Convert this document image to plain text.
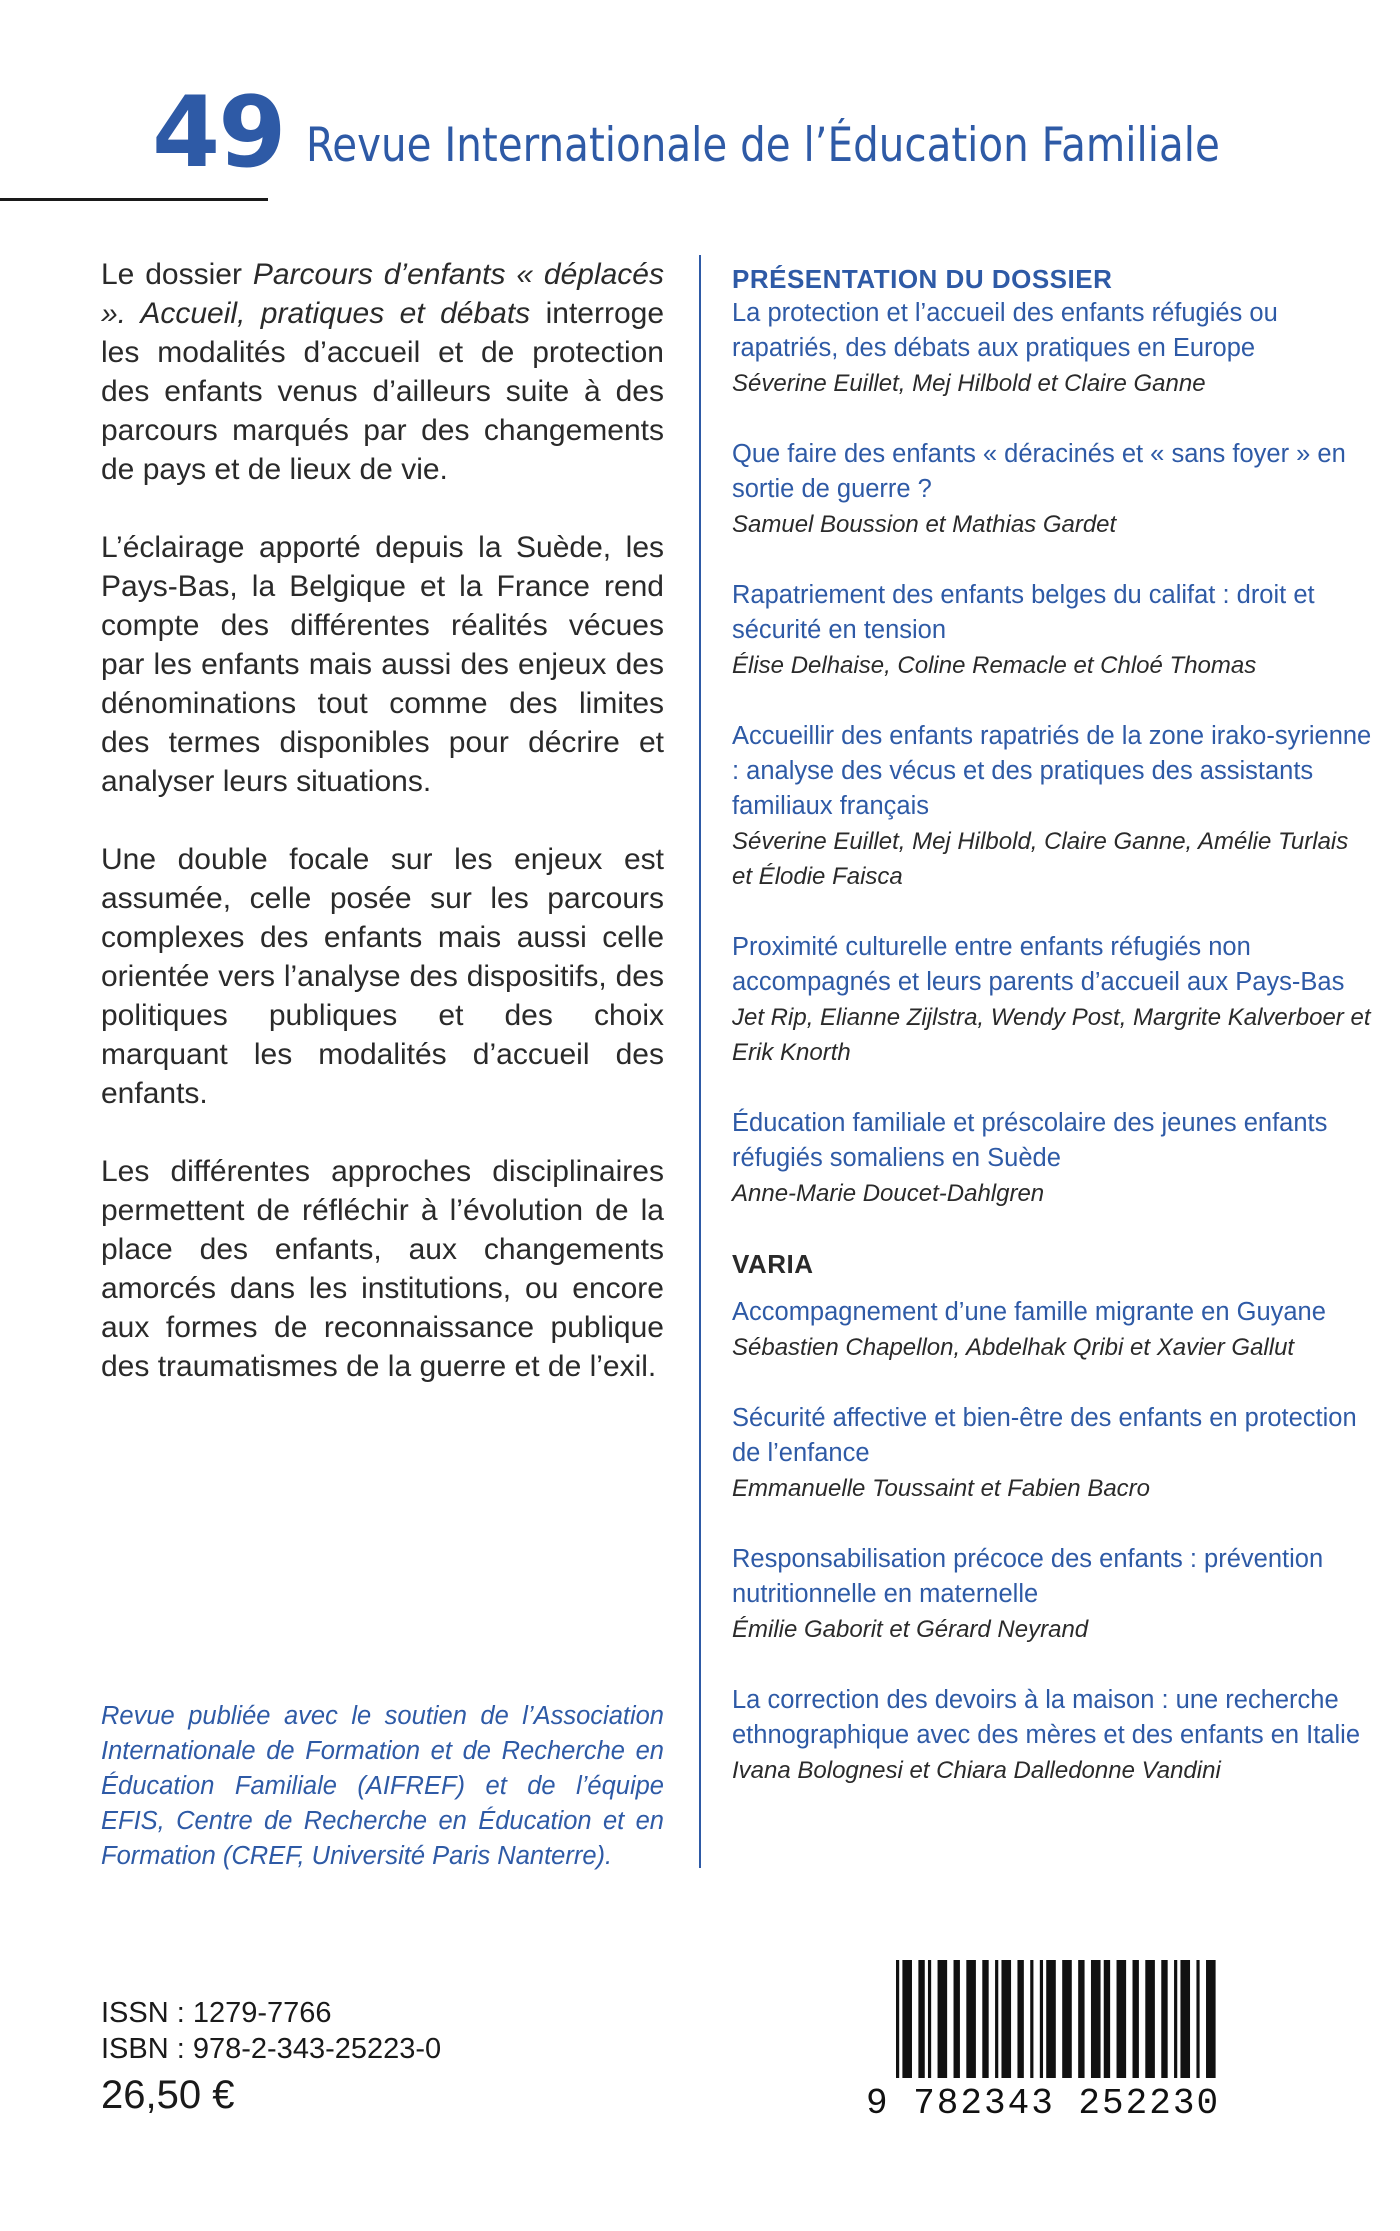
49 Revue Internationale de l’Éducation Familiale

Le dossier Parcours d’enfants « déplacés ». Accueil, pratiques et débats interroge les modalités d’accueil et de protection des enfants venus d’ailleurs suite à des parcours marqués par des changements de pays et de lieux de vie.

L’éclairage apporté depuis la Suède, les Pays-Bas, la Belgique et la France rend compte des différentes réalités vécues par les enfants mais aussi des enjeux des dénominations tout comme des limites des termes disponibles pour décrire et analyser leurs situations.

Une double focale sur les enjeux est assumée, celle posée sur les parcours complexes des enfants mais aussi celle orientée vers l’analyse des dispositifs, des politiques publiques et des choix marquant les modalités d’accueil des enfants.

Les différentes approches disciplinaires permettent de réfléchir à l’évolution de la place des enfants, aux changements amorcés dans les institutions, ou encore aux formes de reconnaissance publique des traumatismes de la guerre et de l’exil.

Revue publiée avec le soutien de l’Association Internationale de Formation et de Recherche en Éducation Familiale (AIFREF) et de l’équipe EFIS, Centre de Recherche en Éducation et en Formation (CREF, Université Paris Nanterre).
PRÉSENTATION DU DOSSIER
La protection et l’accueil des enfants réfugiés ou rapatriés, des débats aux pratiques en Europe
Séverine Euillet, Mej Hilbold et Claire Ganne
Que faire des enfants « déracinés et « sans foyer » en sortie de guerre ?
Samuel Boussion et Mathias Gardet
Rapatriement des enfants belges du califat : droit et sécurité en tension
Élise Delhaise, Coline Remacle et Chloé Thomas
Accueillir des enfants rapatriés de la zone irako-syrienne : analyse des vécus et des pratiques des assistants familiaux français
Séverine Euillet, Mej Hilbold, Claire Ganne, Amélie Turlais et Élodie Faisca
Proximité culturelle entre enfants réfugiés non accompagnés et leurs parents d’accueil aux Pays-Bas
Jet Rip, Elianne Zijlstra, Wendy Post, Margrite Kalverboer et Erik Knorth
Éducation familiale et préscolaire des jeunes enfants réfugiés somaliens en Suède
Anne-Marie Doucet-Dahlgren
VARIA
Accompagnement d’une famille migrante en Guyane
Sébastien Chapellon, Abdelhak Qribi et Xavier Gallut
Sécurité affective et bien-être des enfants en protection de l’enfance
Emmanuelle Toussaint et Fabien Bacro
Responsabilisation précoce des enfants : prévention nutritionnelle en maternelle
Émilie Gaborit et Gérard Neyrand
La correction des devoirs à la maison : une recherche ethnographique avec des mères et des enfants en Italie
Ivana Bolognesi et Chiara Dalledonne Vandini
ISSN : 1279-7766
ISBN : 978-2-343-25223-0
26,50 €	9 782343 252230
